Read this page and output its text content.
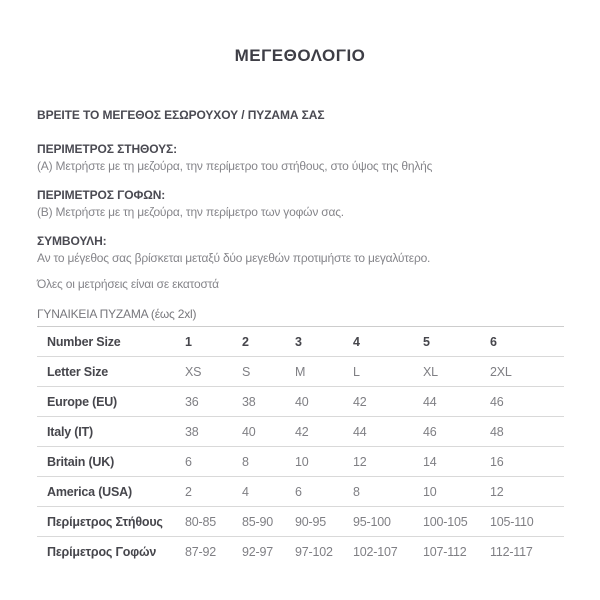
ΜΕΓΕΘΟΛΟΓΙΟ

ΒΡΕΙΤΕ ΤΟ ΜΕΓΕΘΟΣ ΕΣΩΡΟΥΧΟΥ / ΠΥΖΑΜΑ ΣΑΣ

ΠΕΡΙΜΕΤΡΟΣ ΣΤΗΘΟΥΣ:

(Α) Μετρήστε με τη μεζούρα, την περίμετρο του στήθους, στο ύψος της θηλής

ΠΕΡΙΜΕΤΡΟΣ ΓΟΦΩΝ:

(Β) Μετρήστε με τη μεζούρα, την περίμετρο των γοφών σας.

ΣΥΜΒΟΥΛΗ:

Αν το μέγεθος σας βρίσκεται μεταξύ δύο μεγεθών προτιμήστε το μεγαλύτερο.

Όλες οι μετρήσεις είναι σε εκατοστά

ΓΥΝΑΙΚΕΙΑ ΠΥΖΑΜΑ (έως 2xl)

Number Size	1	2	3	4	5	6
Letter Size	XS	S	M	L	XL	2XL
Europe (EU)	36	38	40	42	44	46
Italy (IT)	38	40	42	44	46	48
Britain (UK)	6	8	10	12	14	16
America (USA)	2	4	6	8	10	12
Περίμετρος Στήθους	80-85	85-90	90-95	95-100	100-105	105-110
Περίμετρος Γοφών	87-92	92-97	97-102	102-107	107-112	112-117
